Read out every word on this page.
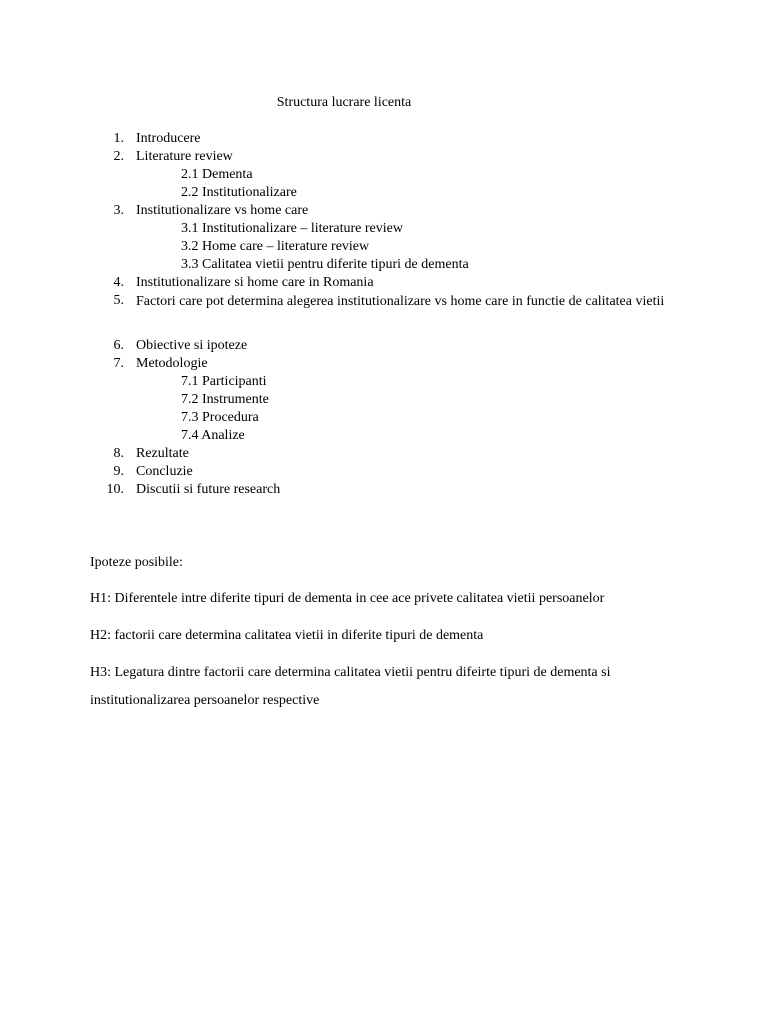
Structura lucrare licenta
1. Introducere
2. Literature review
2.1 Dementa
2.2 Institutionalizare
3. Institutionalizare vs home care
3.1 Institutionalizare – literature review
3.2 Home care – literature review
3.3 Calitatea vietii pentru diferite tipuri de dementa
4. Institutionalizare si home care in Romania
5. Factori care pot determina alegerea institutionalizare vs home care in functie de calitatea vietii
6. Obiective si ipoteze
7. Metodologie
7.1 Participanti
7.2 Instrumente
7.3 Procedura
7.4 Analize
8. Rezultate
9. Concluzie
10. Discutii si future research
Ipoteze posibile:
H1: Diferentele intre diferite tipuri de dementa in cee ace privete calitatea vietii persoanelor
H2: factorii care determina calitatea vietii in diferite tipuri de dementa
H3: Legatura dintre factorii care determina calitatea vietii pentru difeirte tipuri de dementa si institutionalizarea persoanelor respective
